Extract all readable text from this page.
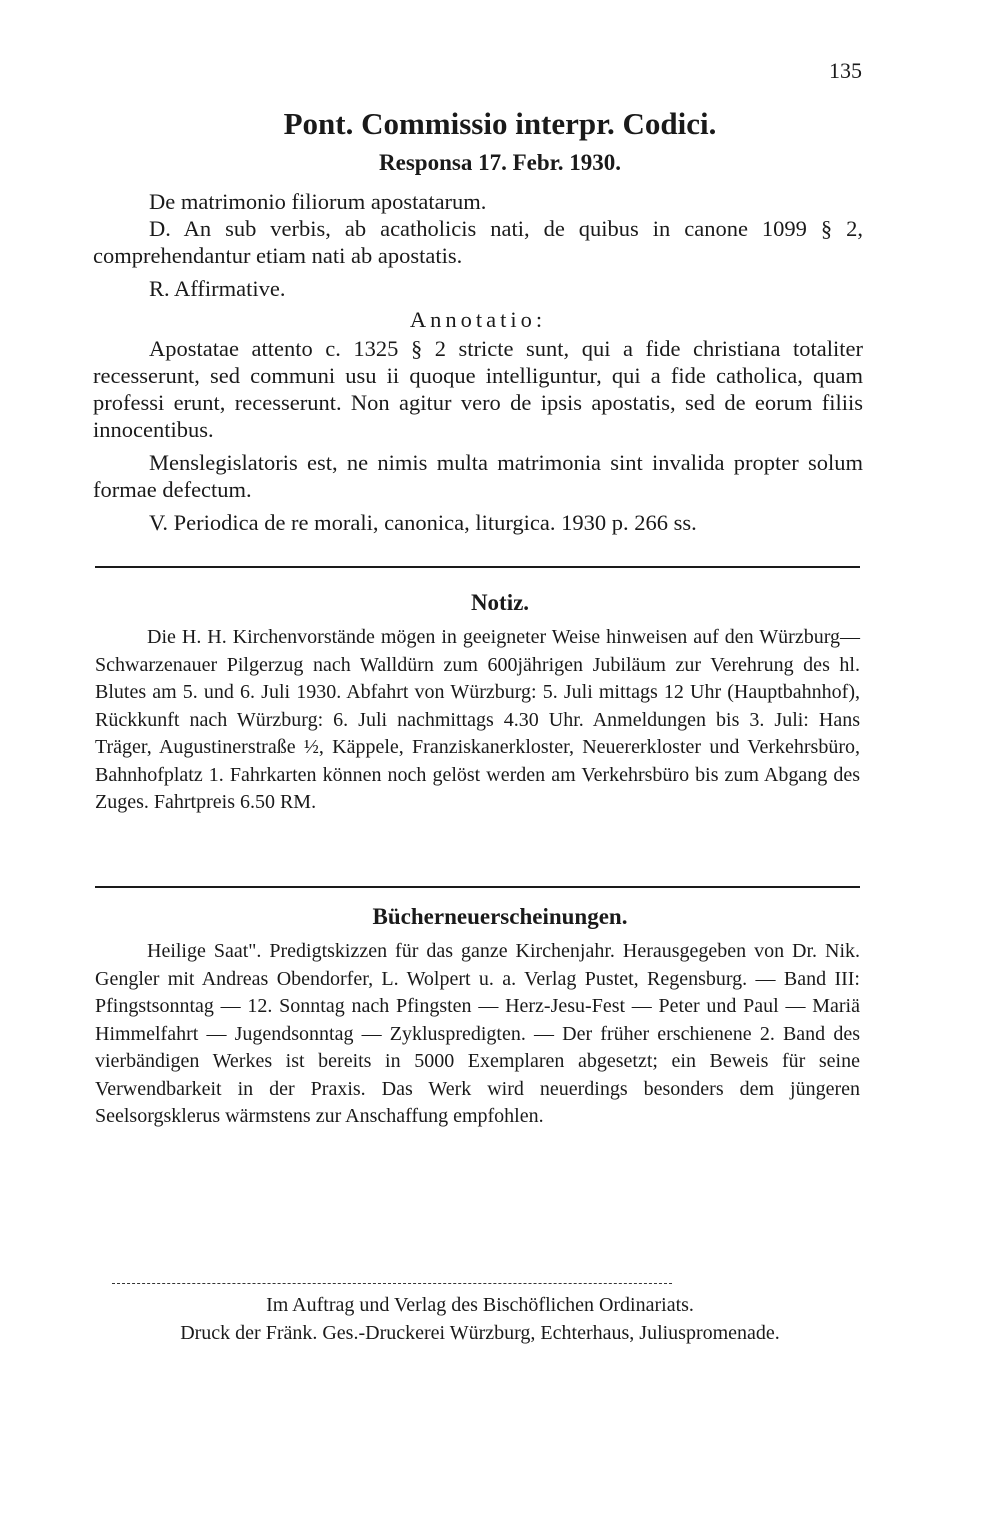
135
Pont. Commissio interpr. Codici.
Responsa 17. Febr. 1930.

De matrimonio filiorum apostatarum.

D. An sub verbis, ab acatholicis nati, de quibus in canone 1099 § 2, comprehendantur etiam nati ab apostatis.

R. Affirmative.

Annotatio:

Apostatae attento c. 1325 § 2 stricte sunt, qui a fide christiana totaliter recesserunt, sed communi usu ii quoque intelliguntur, qui a fide catholica, quam professi erunt, recesserunt. Non agitur vero de ipsis apostatis, sed de eorum filiis innocentibus.

Menslegislatoris est, ne nimis multa matrimonia sint invalida propter solum formae defectum.

V. Periodica de re morali, canonica, liturgica. 1930 p. 266 ss.

Notiz.

Die H. H. Kirchenvorstände mögen in geeigneter Weise hinweisen auf den Würzburg—Schwarzenauer Pilgerzug nach Walldürn zum 600jährigen Jubiläum zur Verehrung des hl. Blutes am 5. und 6. Juli 1930. Abfahrt von Würzburg: 5. Juli mittags 12 Uhr (Hauptbahnhof), Rückkunft nach Würzburg: 6. Juli nachmittags 4.30 Uhr. Anmeldungen bis 3. Juli: Hans Träger, Augustinerstraße ½, Käppele, Franziskanerkloster, Neuererkloster und Verkehrsbüro, Bahnhofplatz 1. Fahrkarten können noch gelöst werden am Verkehrsbüro bis zum Abgang des Zuges. Fahrtpreis 6.50 RM.

Bücherneuerscheinungen.

Heilige Saat". Predigtskizzen für das ganze Kirchenjahr. Herausgegeben von Dr. Nik. Gengler mit Andreas Obendorfer, L. Wolpert u. a. Verlag Pustet, Regensburg. — Band III: Pfingstsonntag — 12. Sonntag nach Pfingsten — Herz-Jesu-Fest — Peter und Paul — Mariä Himmelfahrt — Jugendsonntag — Zykluspredigten. — Der früher erschienene 2. Band des vierbändigen Werkes ist bereits in 5000 Exemplaren abgesetzt; ein Beweis für seine Verwendbarkeit in der Praxis. Das Werk wird neuerdings besonders dem jüngeren Seelsorgsklerus wärmstens zur Anschaffung empfohlen.

Im Auftrag und Verlag des Bischöflichen Ordinariats.
Druck der Fränk. Ges.-Druckerei Würzburg, Echterhaus, Juliuspromenade.
